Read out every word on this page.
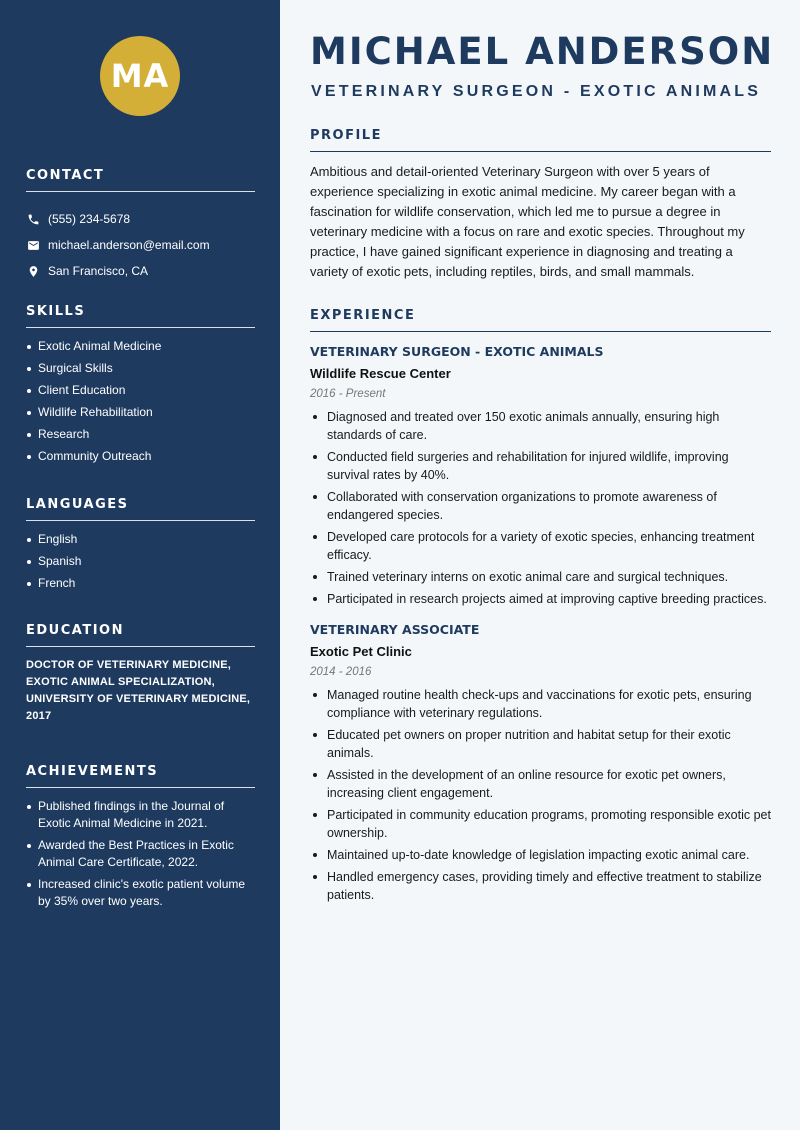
MA
CONTACT
(555) 234-5678
michael.anderson@email.com
San Francisco, CA
SKILLS
Exotic Animal Medicine
Surgical Skills
Client Education
Wildlife Rehabilitation
Research
Community Outreach
LANGUAGES
English
Spanish
French
EDUCATION

DOCTOR OF VETERINARY MEDICINE, EXOTIC ANIMAL SPECIALIZATION, UNIVERSITY OF VETERINARY MEDICINE, 2017

ACHIEVEMENTS
Published findings in the Journal of Exotic Animal Medicine in 2021.
Awarded the Best Practices in Exotic Animal Care Certificate, 2022.
Increased clinic's exotic patient volume by 35% over two years.
MICHAEL ANDERSON
VETERINARY SURGEON - EXOTIC ANIMALS
PROFILE

Ambitious and detail-oriented Veterinary Surgeon with over 5 years of experience specializing in exotic animal medicine. My career began with a fascination for wildlife conservation, which led me to pursue a degree in veterinary medicine with a focus on rare and exotic species. Throughout my practice, I have gained significant experience in diagnosing and treating a variety of exotic pets, including reptiles, birds, and small mammals.

EXPERIENCE
VETERINARY SURGEON - EXOTIC ANIMALS
Wildlife Rescue Center
2016 - Present
Diagnosed and treated over 150 exotic animals annually, ensuring high standards of care.
Conducted field surgeries and rehabilitation for injured wildlife, improving survival rates by 40%.
Collaborated with conservation organizations to promote awareness of endangered species.
Developed care protocols for a variety of exotic species, enhancing treatment efficacy.
Trained veterinary interns on exotic animal care and surgical techniques.
Participated in research projects aimed at improving captive breeding practices.
VETERINARY ASSOCIATE
Exotic Pet Clinic
2014 - 2016
Managed routine health check-ups and vaccinations for exotic pets, ensuring compliance with veterinary regulations.
Educated pet owners on proper nutrition and habitat setup for their exotic animals.
Assisted in the development of an online resource for exotic pet owners, increasing client engagement.
Participated in community education programs, promoting responsible exotic pet ownership.
Maintained up-to-date knowledge of legislation impacting exotic animal care.
Handled emergency cases, providing timely and effective treatment to stabilize patients.
